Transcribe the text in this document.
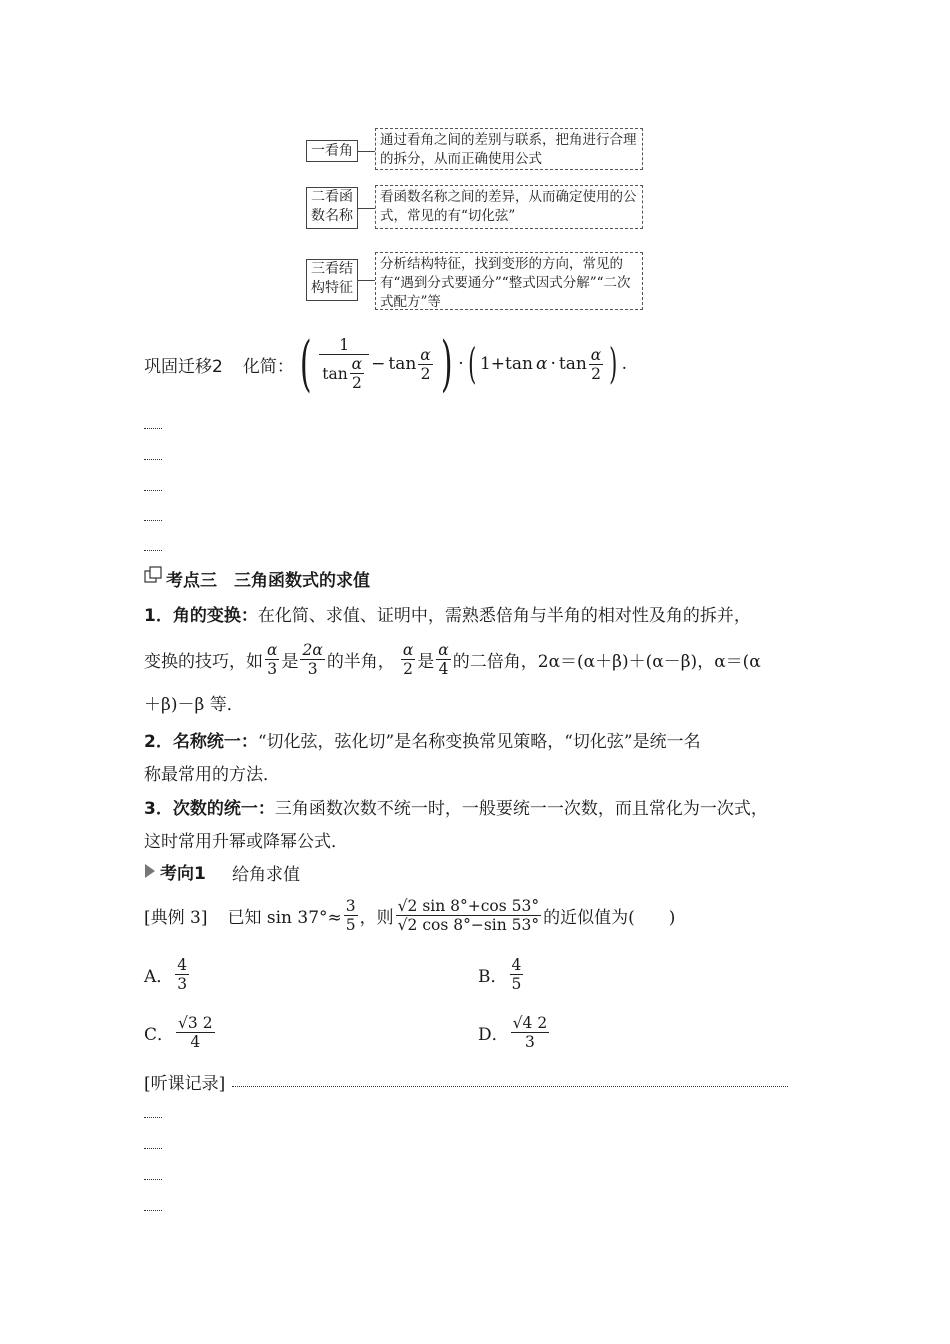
一看角
通过看角之间的差别与联系，把角进行合理的拆分，从而正确使用公式
二看函
数名称
看函数名称之间的差异，从而确定使用的公式，常见的有“切化弦”
三看结
构特征
分析结构特征，找到变形的方向，常见的有“遇到分式要通分”“整式因式分解”“二次式配方”等
巩固迁移2 化简： ( $\frac{1}{\tan \frac{\alpha}{2}} - \tan \frac{\alpha}{2}$ ) · ( $1+ \tan \alpha \cdot \tan \frac{\alpha}{2}$ ) .
考点三　三角函数式的求值
1．角的变换：在化简、求值、证明中，需熟悉倍角与半角的相对性及角的拆并，
变换的技巧，如 $\frac{\alpha}{3}$ 是 $\frac{2\alpha}{3}$ 的半角， $\frac{\alpha}{2}$ 是 $\frac{\alpha}{4}$ 的二倍角，2α＝(α＋β)＋(α－β)，α＝(α
＋β)－β 等．
2．名称统一：“切化弦，弦化切”是名称变换常见策略，“切化弦”是统一名
称最常用的方法．
3．次数的统一：三角函数次数不统一时，一般要统一一次数，而且常化为一次式，
这时常用升幂或降幂公式．
考向1 给角求值
[典例 3] 已知 $\sin 37^\circ\approx \frac{3}{5}$ ，则 $\frac{√2 \sin 8^\circ+\cos 53^\circ}{√2 \cos 8^\circ-\sin 53^\circ}$ 的近似值为(　　)
A． $\frac{4}{3}$	B． $\frac{4}{5}$
C． $\frac{√3 2}{4}$	D． $\frac{√4 2}{3}$
[听课记录]
